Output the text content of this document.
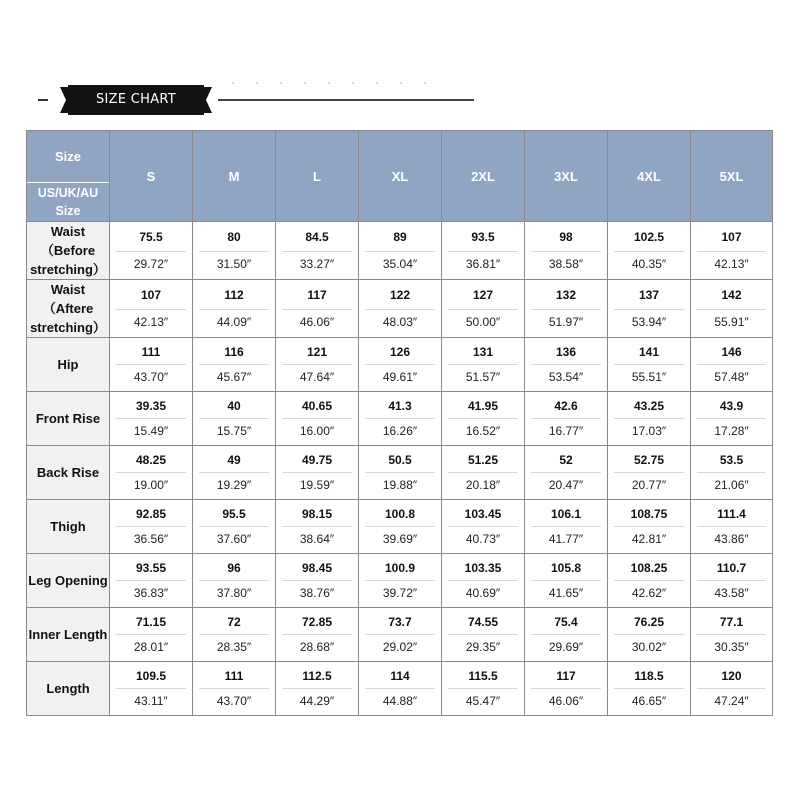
SIZE CHART
Size
US/UK/AU Size	S	M	L	XL	2XL	3XL	4XL	5XL
Waist （Before stretching）	75.5	80	84.5	89	93.5	98	102.5	107

	29.72″	31.50″	33.27″	35.04″	36.81″	38.58″	40.35″	42.13″

Waist （Aftere stretching）	107	112	117	122	127	132	137	142

	42.13″	44.09″	46.06″	48.03″	50.00″	51.97″	53.94″	55.91″

Hip	111	116	121	126	131	136	141	146

	43.70″	45.67″	47.64″	49.61″	51.57″	53.54″	55.51″	57.48″

Front Rise	39.35	40	40.65	41.3	41.95	42.6	43.25	43.9

	15.49″	15.75″	16.00″	16.26″	16.52″	16.77″	17.03″	17.28″

Back Rise	48.25	49	49.75	50.5	51.25	52	52.75	53.5

	19.00″	19.29″	19.59″	19.88″	20.18″	20.47″	20.77″	21.06″

Thigh	92.85	95.5	98.15	100.8	103.45	106.1	108.75	111.4

	36.56″	37.60″	38.64″	39.69″	40.73″	41.77″	42.81″	43.86″

Leg Opening	93.55	96	98.45	100.9	103.35	105.8	108.25	110.7

	36.83″	37.80″	38.76″	39.72″	40.69″	41.65″	42.62″	43.58″

Inner Length	71.15	72	72.85	73.7	74.55	75.4	76.25	77.1

	28.01″	28.35″	28.68″	29.02″	29.35″	29.69″	30.02″	30.35″

Length	109.5	111	112.5	114	115.5	117	118.5	120

	43.11″	43.70″	44.29″	44.88″	45.47″	46.06″	46.65″	47.24″
